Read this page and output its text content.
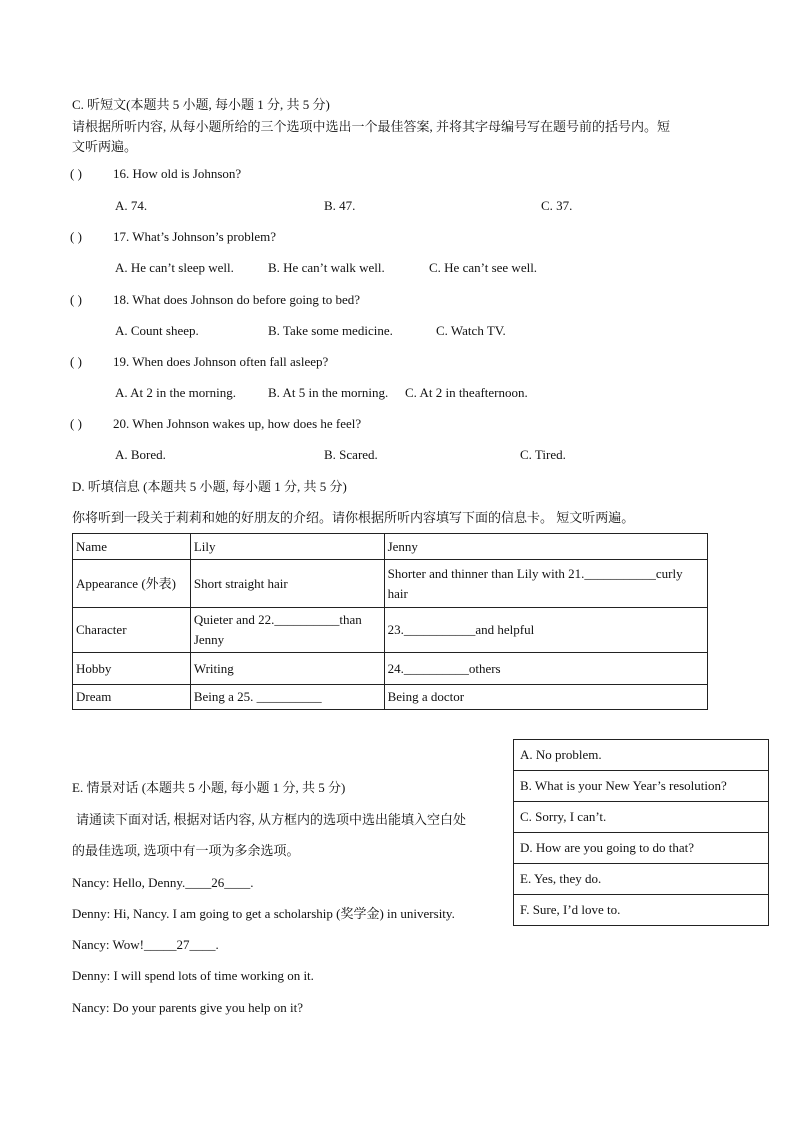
C. 听短文(本题共 5 小题, 每小题 1 分, 共 5 分)
请根据所听内容, 从每小题所给的三个选项中选出一个最佳答案, 并将其字母编号写在题号前的括号内。短
文听两遍。
( ) 16. How old is Johnson?
A. 74.	B. 47.	C. 37.
( ) 17. What’s Johnson’s problem?
A. He can’t sleep well.	B. He can’t walk well.	C. He can’t see well.
( ) 18. What does Johnson do before going to bed?
A. Count sheep.	B. Take some medicine.	C. Watch TV.
( ) 19. When does Johnson often fall asleep?
A. At 2 in the morning. B. At 5 in the morning. C. At 2 in theafternoon.
( ) 20. When Johnson wakes up, how does he feel?
A. Bored.	B. Scared.	C. Tired.
D. 听填信息 (本题共 5 小题, 每小题 1 分, 共 5 分)
你将听到一段关于莉莉和她的好朋友的介绍。请你根据所听内容填写下面的信息卡。 短文听两遍。
Name	Lily	Jenny
Appearance (外表)	Short straight hair	Shorter and thinner than Lily with 21.___________curly hair
Character	Quieter and 22.__________than Jenny	23.___________and helpful
Hobby	Writing	24.__________others
Dream	Being a 25. __________	Being a doctor
A. No problem.
B. What is your New Year’s resolution?
C. Sorry, I can’t.
D. How are you going to do that?
E. Yes, they do.
F. Sure, I’d love to.
E. 情景对话 (本题共 5 小题, 每小题 1 分, 共 5 分)
请通读下面对话, 根据对话内容, 从方框内的选项中选出能填入空白处
的最佳选项, 选项中有一项为多余选项。
Nancy: Hello, Denny.____26____.
Denny: Hi, Nancy. I am going to get a scholarship (奖学金) in university.
Nancy: Wow!_____27____.
Denny: I will spend lots of time working on it.
Nancy: Do your parents give you help on it?
